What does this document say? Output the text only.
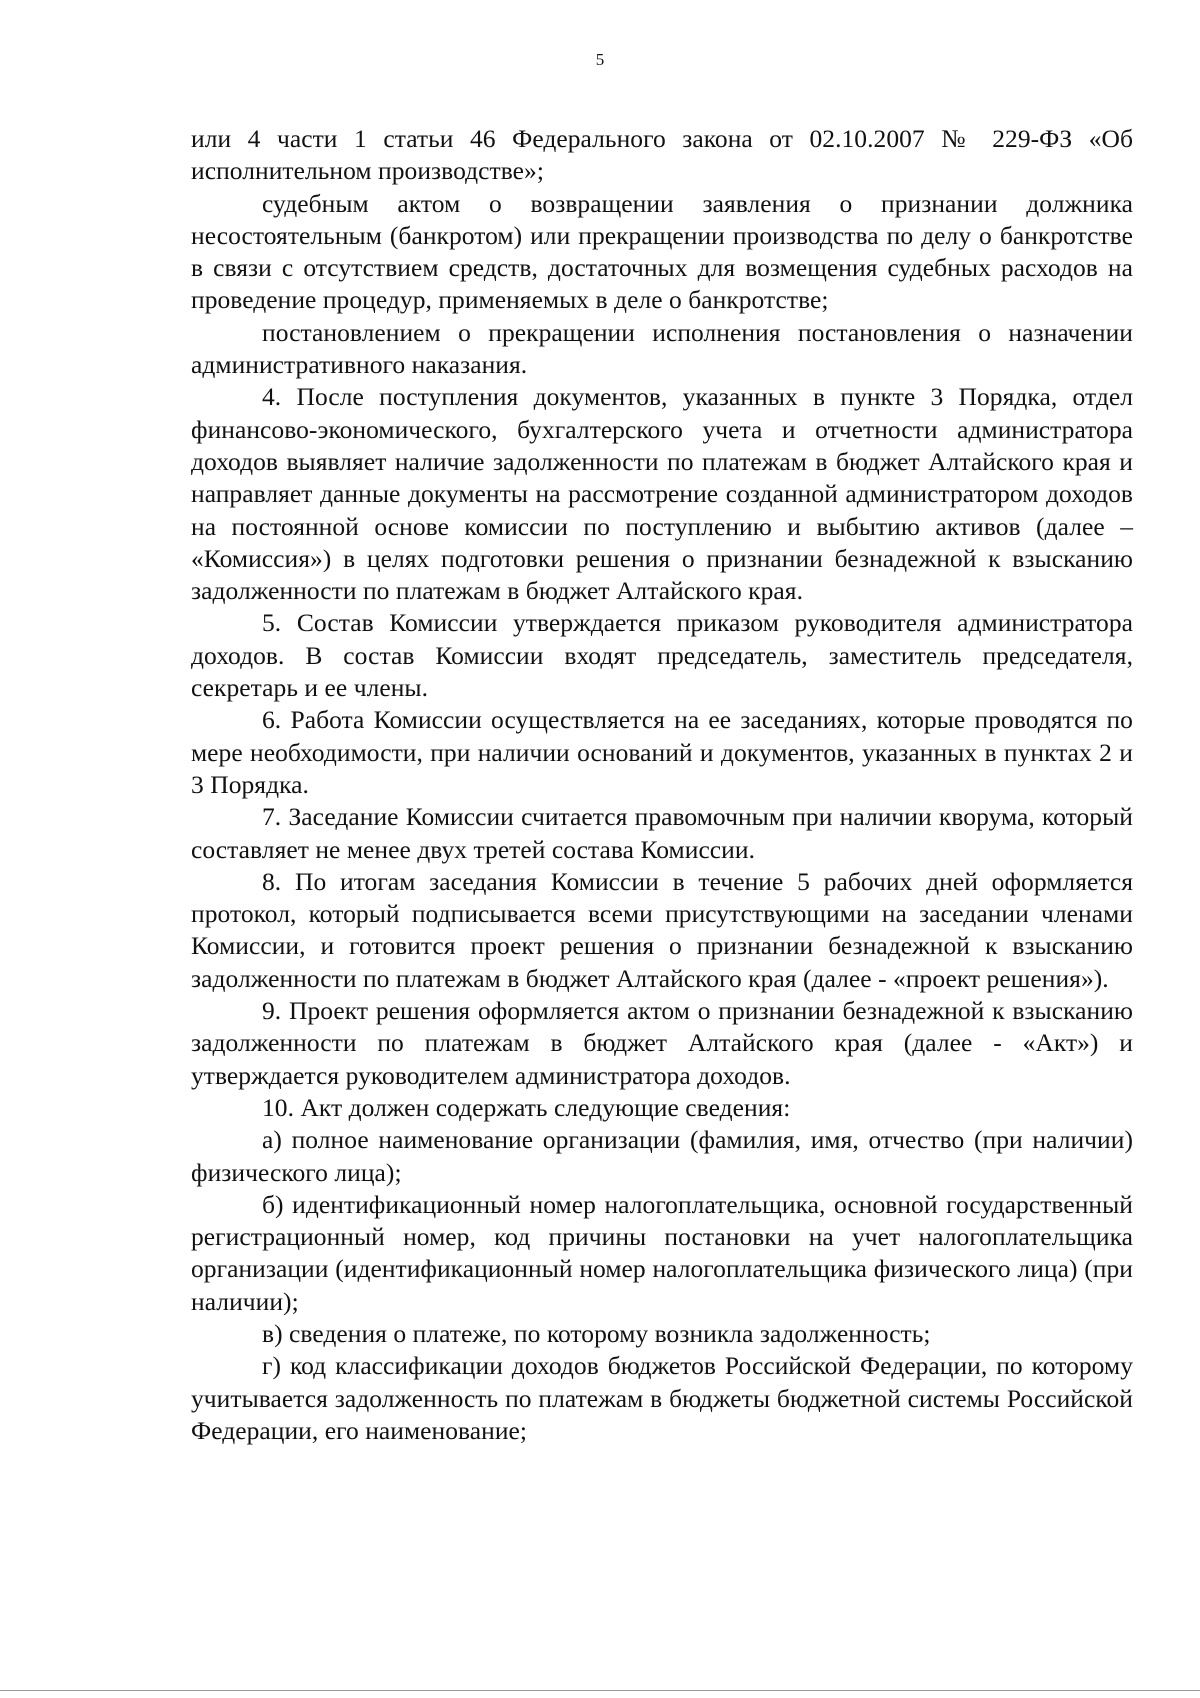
5

или 4 части 1 статьи 46 Федерального закона от 02.10.2007 № 229-ФЗ «Об исполнительном производстве»;

судебным актом о возвращении заявления о признании должника несостоятельным (банкротом) или прекращении производства по делу о банкротстве в связи с отсутствием средств, достаточных для возмещения судебных расходов на проведение процедур, применяемых в деле о банкротстве;

постановлением о прекращении исполнения постановления о назначении административного наказания.

4. После поступления документов, указанных в пункте 3 Порядка, отдел финансово-экономического, бухгалтерского учета и отчетности администратора доходов выявляет наличие задолженности по платежам в бюджет Алтайского края и направляет данные документы на рассмотрение созданной администратором доходов на постоянной основе комиссии по поступлению и выбытию активов (далее – «Комиссия») в целях подготовки решения о признании безнадежной к взысканию задолженности по платежам в бюджет Алтайского края.

5. Состав Комиссии утверждается приказом руководителя администратора доходов. В состав Комиссии входят председатель, заместитель председателя, секретарь и ее члены.

6. Работа Комиссии осуществляется на ее заседаниях, которые проводятся по мере необходимости, при наличии оснований и документов, указанных в пунктах 2 и 3 Порядка.

7. Заседание Комиссии считается правомочным при наличии кворума, который составляет не менее двух третей состава Комиссии.

8. По итогам заседания Комиссии в течение 5 рабочих дней оформляется протокол, который подписывается всеми присутствующими на заседании членами Комиссии, и готовится проект решения о признании безнадежной к взысканию задолженности по платежам в бюджет Алтайского края (далее - «проект решения»).

9. Проект решения оформляется актом о признании безнадежной к взысканию задолженности по платежам в бюджет Алтайского края (далее - «Акт») и утверждается руководителем администратора доходов.

10. Акт должен содержать следующие сведения:

а) полное наименование организации (фамилия, имя, отчество (при наличии) физического лица);

б) идентификационный номер налогоплательщика, основной государственный регистрационный номер, код причины постановки на учет налогоплательщика организации (идентификационный номер налогоплательщика физического лица) (при наличии);

в) сведения о платеже, по которому возникла задолженность;

г) код классификации доходов бюджетов Российской Федерации, по которому учитывается задолженность по платежам в бюджеты бюджетной системы Российской Федерации, его наименование;
